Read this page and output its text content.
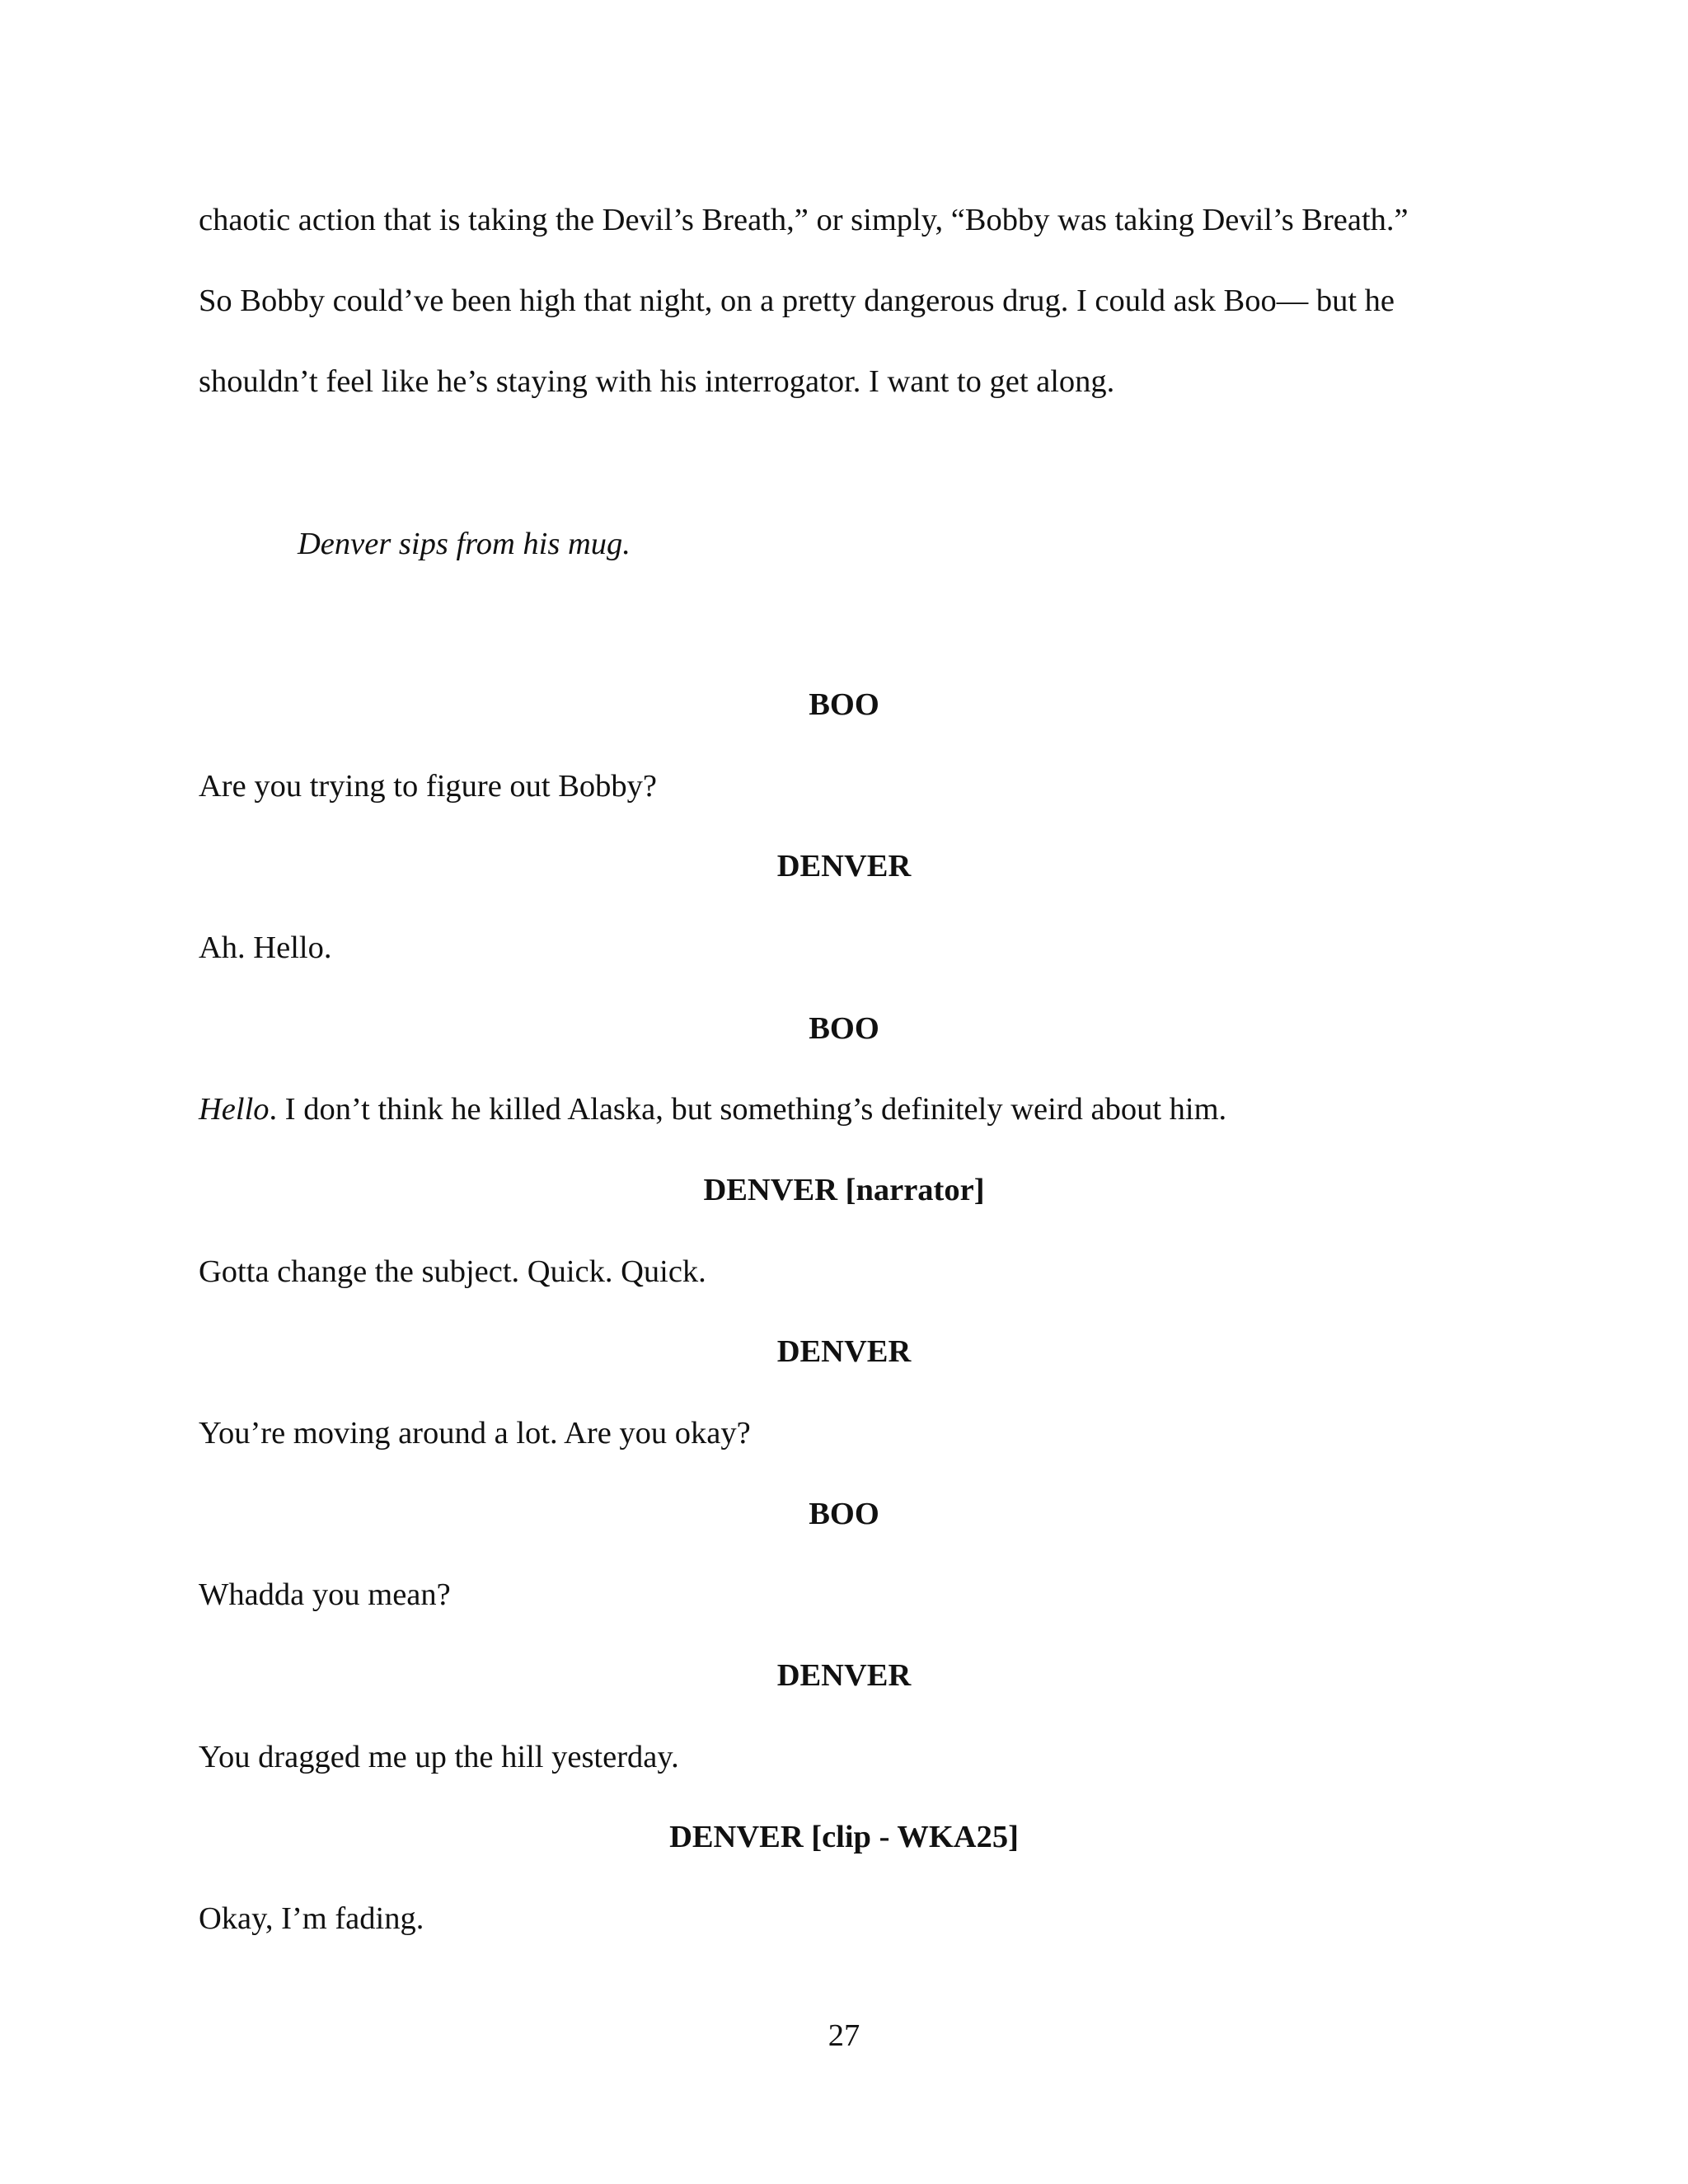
chaotic action that is taking the Devil’s Breath,” or simply, “Bobby was taking Devil’s Breath.”
So Bobby could’ve been high that night, on a pretty dangerous drug. I could ask Boo— but he
shouldn’t feel like he’s staying with his interrogator. I want to get along.
Denver sips from his mug.
BOO
Are you trying to figure out Bobby?
DENVER
Ah. Hello.
BOO
Hello. I don’t think he killed Alaska, but something’s definitely weird about him.
DENVER [narrator]
Gotta change the subject. Quick. Quick.
DENVER
You’re moving around a lot. Are you okay?
BOO
Whadda you mean?
DENVER
You dragged me up the hill yesterday.
DENVER [clip - WKA25]
Okay, I’m fading.
27
